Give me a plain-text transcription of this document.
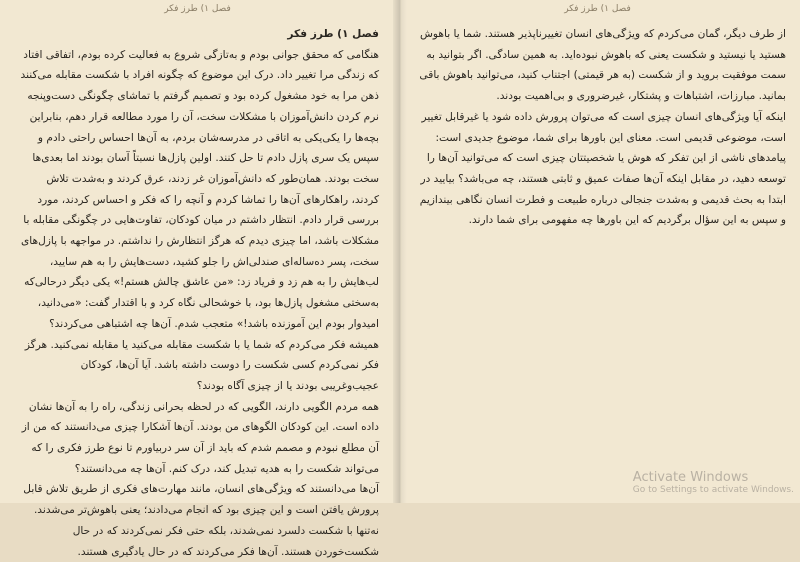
فصل ۱) طرز فکر

فصل ۱) طرز فکر

هنگامی که محقق جوانی بودم و به‌تازگی شروع به فعالیت کرده بودم، اتفاقی افتاد که زندگی مرا تغییر داد. درک این موضوع که چگونه افراد با شکست مقابله می‌کنند ذهن مرا به خود مشغول کرده بود و تصمیم گرفتم با تماشای چگونگی دست‌وپنجه نرم کردن دانش‌آموزان با مشکلات سخت، آن را مورد مطالعه قرار دهم، بنابراین بچه‌ها را یکی‌یکی به اتاقی در مدرسه‌شان بردم، به آن‌ها احساس راحتی دادم و سپس یک سری پازل دادم تا حل کنند. اولین پازل‌ها نسبتاً آسان بودند اما بعدی‌ها سخت بودند. همان‌طور که دانش‌آموزان غر زدند، عرق کردند و به‌شدت تلاش کردند، راهکارهای آن‌ها را تماشا کردم و آنچه را که فکر و احساس کردند، مورد بررسی قرار دادم. انتظار داشتم در میان کودکان، تفاوت‌هایی در چگونگی مقابله با مشکلات باشد، اما چیزی دیدم که هرگز انتظارش را نداشتم. در مواجهه با پازل‌های سخت، پسر ده‌ساله‌ای صندلی‌اش را جلو کشید، دست‌هایش را به هم سایید، لب‌هایش را به هم زد و فریاد زد: «من عاشق چالش هستم!» یکی دیگر درحالی‌که به‌سختی مشغول پازل‌ها بود، با خوشحالی نگاه کرد و با اقتدار گفت: «می‌دانید، امیدوار بودم این آموزنده باشد!» متعجب شدم. آن‌ها چه اشتباهی می‌کردند؟ همیشه فکر می‌کردم که شما یا با شکست مقابله می‌کنید یا مقابله نمی‌کنید. هرگز فکر نمی‌کردم کسی شکست را دوست داشته باشد. آیا آن‌ها، کودکان عجیب‌وغریبی بودند یا از چیزی آگاه بودند؟

همه مردم الگویی دارند، الگویی که در لحظه بحرانی زندگی، راه را به آن‌ها نشان داده است. این کودکان الگوهای من بودند. آن‌ها آشکارا چیزی می‌دانستند که من از آن مطلع نبودم و مصمم شدم که باید از آن سر دربیاورم تا نوع طرز فکری را که می‌تواند شکست را به هدیه تبدیل کند، درک کنم. آن‌ها چه می‌دانستند؟

آن‌ها می‌دانستند که ویژگی‌های انسان، مانند مهارت‌های فکری از طریق تلاش قابل پرورش یافتن است و این چیزی بود که انجام می‌دادند؛ یعنی باهوش‌تر می‌شدند. نه‌تنها با شکست دلسرد نمی‌شدند، بلکه حتی فکر نمی‌کردند که در حال شکست‌خوردن هستند. آن‌ها فکر می‌کردند که در حال یادگیری هستند.

فصل ۱) طرز فکر

از طرف دیگر، گمان می‌کردم که ویژگی‌های انسان تغییرناپذیر هستند. شما یا باهوش هستید یا نیستید و شکست یعنی که باهوش نبوده‌اید. به همین سادگی. اگر بتوانید به سمت موفقیت بروید و از شکست (به هر قیمتی) اجتناب کنید، می‌توانید باهوش باقی بمانید. مبارزات، اشتباهات و پشتکار، غیرضروری و بی‌اهمیت بودند.

اینکه آیا ویژگی‌های انسان چیزی است که می‌توان پرورش داده شود یا غیرقابل تغییر است، موضوعی قدیمی است. معنای این باورها برای شما، موضوع جدیدی است: پیامدهای ناشی از این تفکر که هوش یا شخصیتتان چیزی است که می‌توانید آن‌ها را توسعه دهید، در مقابل اینکه آن‌ها صفات عمیق و ثابتی هستند، چه می‌باشد؟ بیایید در ابتدا به بحث قدیمی و به‌شدت جنجالی درباره طبیعت و فطرت انسان نگاهی بیندازیم و سپس به این سؤال برگردیم که این باورها چه مفهومی برای شما دارند.

Activate Windows
Go to Settings to activate Windows.
